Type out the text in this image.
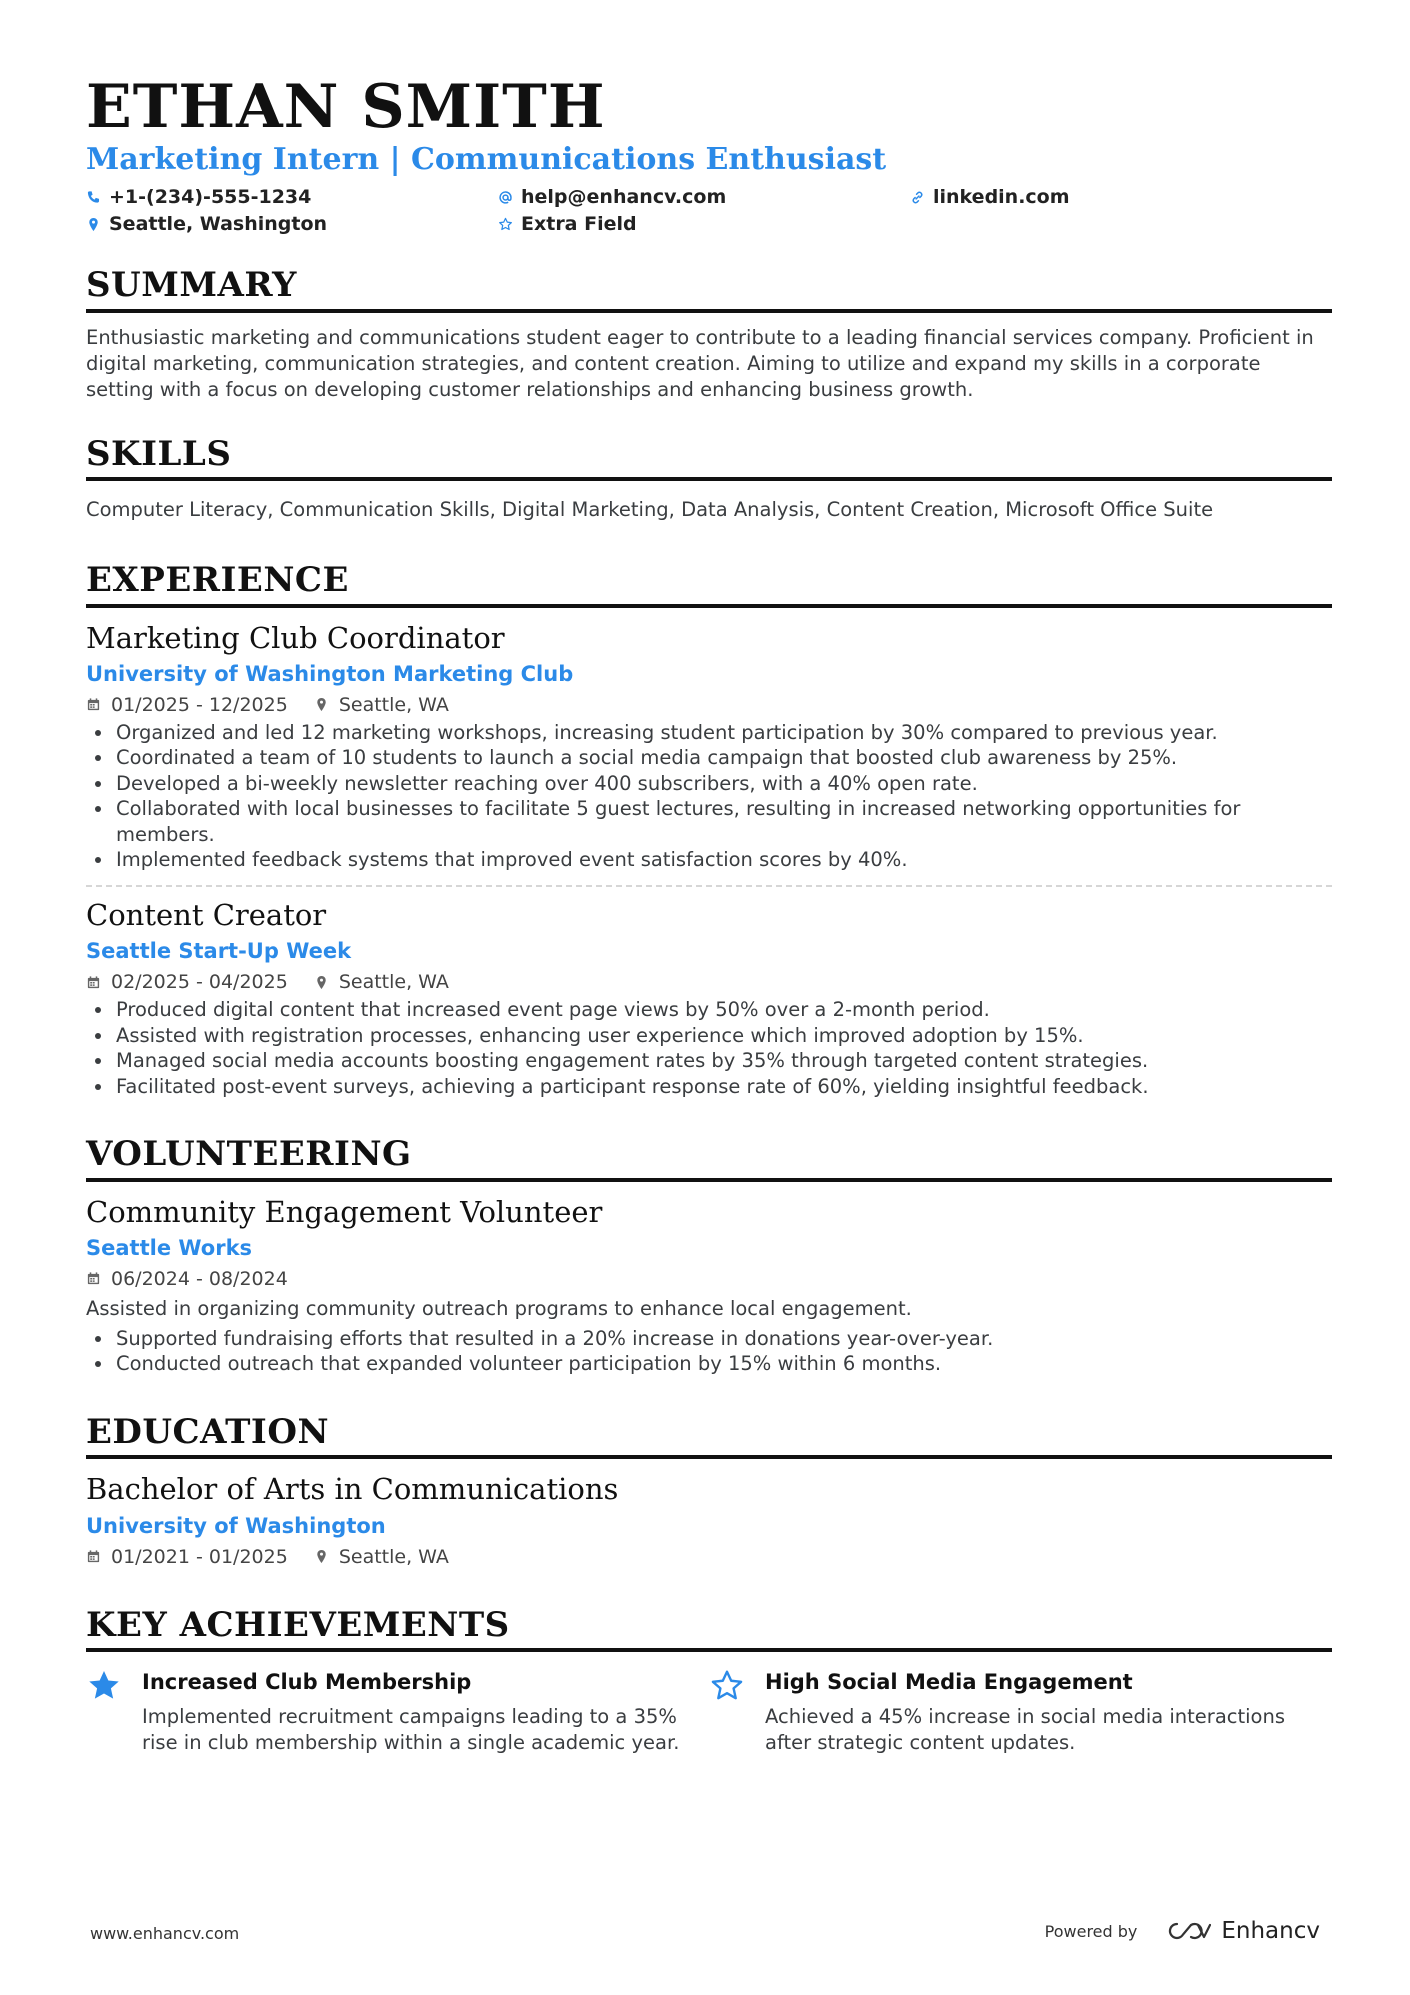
ETHAN SMITH
Marketing Intern | Communications Enthusiast
+1-(234)-555-1234	help@enhancv.com	linkedin.com
Seattle, Washington	Extra Field
SUMMARY
Enthusiastic marketing and communications student eager to contribute to a leading financial services company. Proficient in digital marketing, communication strategies, and content creation. Aiming to utilize and expand my skills in a corporate setting with a focus on developing customer relationships and enhancing business growth.
SKILLS
Computer Literacy, Communication Skills, Digital Marketing, Data Analysis, Content Creation, Microsoft Office Suite
EXPERIENCE
Marketing Club Coordinator
University of Washington Marketing Club
01/2025 - 12/2025	Seattle, WA
• Organized and led 12 marketing workshops, increasing student participation by 30% compared to previous year.
• Coordinated a team of 10 students to launch a social media campaign that boosted club awareness by 25%.
• Developed a bi-weekly newsletter reaching over 400 subscribers, with a 40% open rate.
• Collaborated with local businesses to facilitate 5 guest lectures, resulting in increased networking opportunities for members.
• Implemented feedback systems that improved event satisfaction scores by 40%.
Content Creator
Seattle Start-Up Week
02/2025 - 04/2025	Seattle, WA
• Produced digital content that increased event page views by 50% over a 2-month period.
• Assisted with registration processes, enhancing user experience which improved adoption by 15%.
• Managed social media accounts boosting engagement rates by 35% through targeted content strategies.
• Facilitated post-event surveys, achieving a participant response rate of 60%, yielding insightful feedback.
VOLUNTEERING
Community Engagement Volunteer
Seattle Works
06/2024 - 08/2024
Assisted in organizing community outreach programs to enhance local engagement.
• Supported fundraising efforts that resulted in a 20% increase in donations year-over-year.
• Conducted outreach that expanded volunteer participation by 15% within 6 months.
EDUCATION
Bachelor of Arts in Communications
University of Washington
01/2021 - 01/2025	Seattle, WA
KEY ACHIEVEMENTS
Increased Club Membership
Implemented recruitment campaigns leading to a 35% rise in club membership within a single academic year.
High Social Media Engagement
Achieved a 45% increase in social media interactions after strategic content updates.
www.enhancv.com	Powered by	Enhancv
